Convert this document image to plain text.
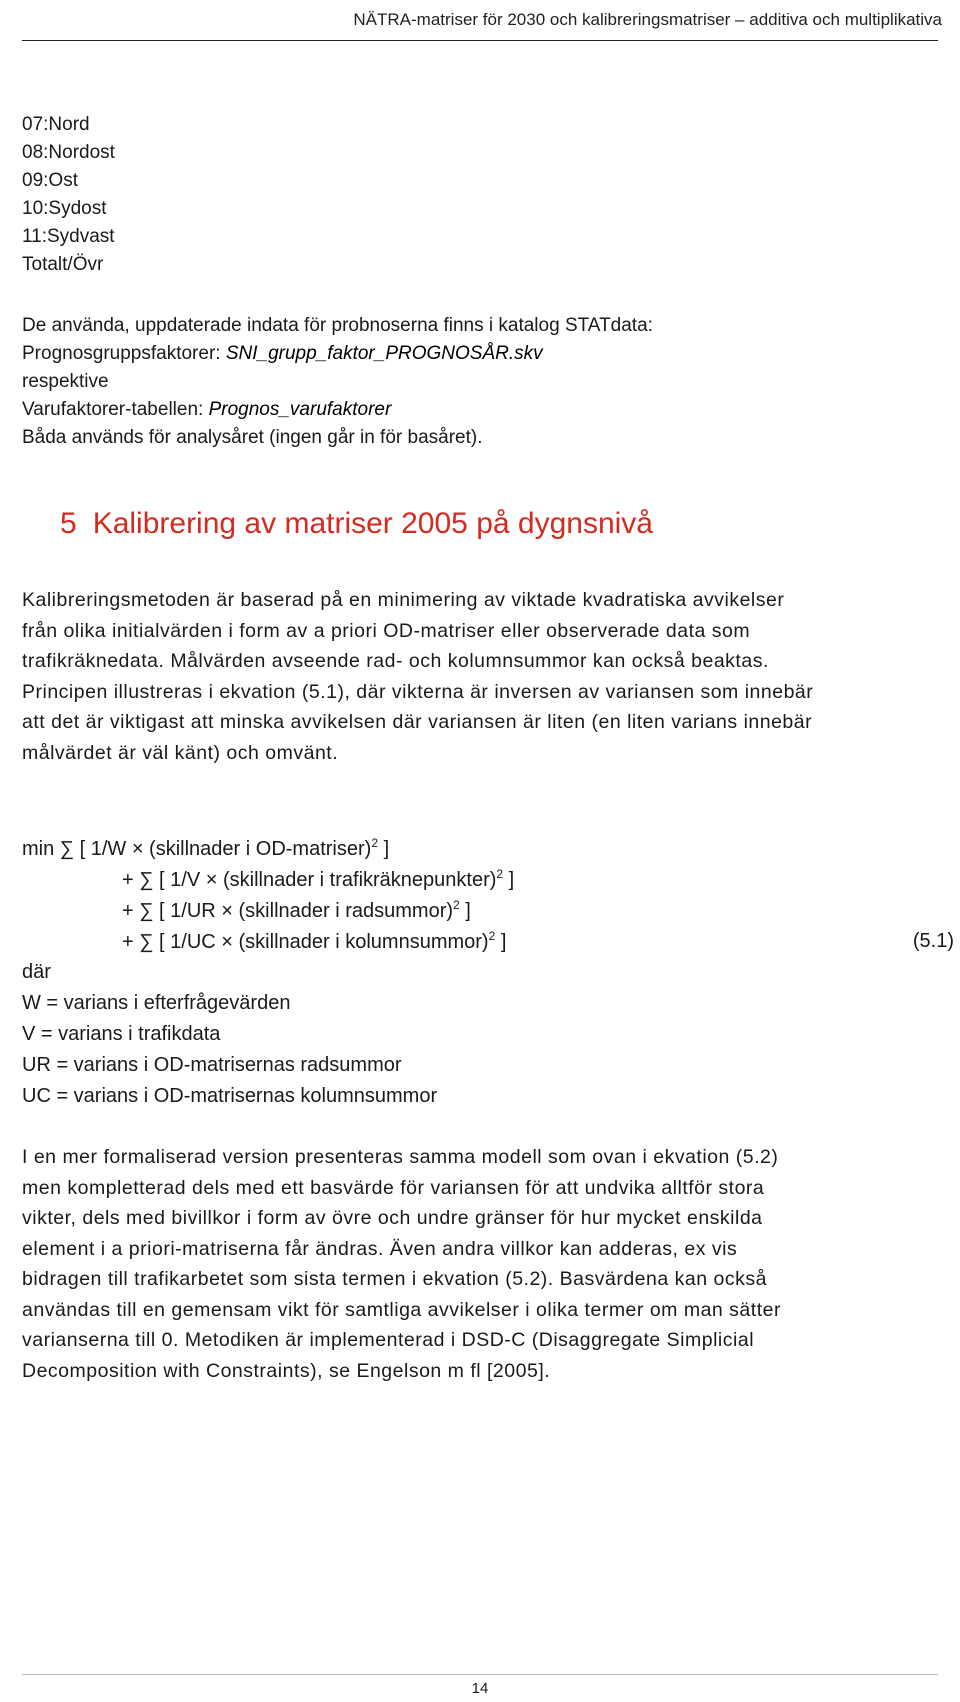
NÄTRA-matriser för 2030 och kalibreringsmatriser – additiva och multiplikativa
07:Nord
08:Nordost
09:Ost
10:Sydost
11:Sydvast
Totalt/Övr
De använda, uppdaterade indata för probnoserna finns i katalog STATdata:
Prognosgruppsfaktorer: SNI_grupp_faktor_PROGNOSÅR.skv
respektive
Varufaktorer-tabellen: Prognos_varufaktorer
Båda används för analysåret (ingen går in för basåret).
5 Kalibrering av matriser 2005 på dygnsnivå
Kalibreringsmetoden är baserad på en minimering av viktade kvadratiska avvikelser
från olika initialvärden i form av a priori OD-matriser eller observerade data som
trafikräknedata. Målvärden avseende rad- och kolumnsummor kan också beaktas.
Principen illustreras i ekvation (5.1), där vikterna är inversen av variansen som innebär
att det är viktigast att minska avvikelsen där variansen är liten (en liten varians innebär
målvärdet är väl känt) och omvänt.
min ∑ [ 1/W × (skillnader i OD-matriser)$^2$ ]
+ ∑ [ 1/V × (skillnader i trafikräknepunkter)$^2$ ]
+ ∑ [ 1/UR × (skillnader i radsummor)$^2$ ]
+ ∑ [ 1/UC × (skillnader i kolumnsummor)$^2$ ]	(5.1)
där
W = varians i efterfrågevärden
V = varians i trafikdata
UR = varians i OD-matrisernas radsummor
UC = varians i OD-matrisernas kolumnsummor
I en mer formaliserad version presenteras samma modell som ovan i ekvation (5.2)
men kompletterad dels med ett basvärde för variansen för att undvika alltför stora
vikter, dels med bivillkor i form av övre och undre gränser för hur mycket enskilda
element i a priori-matriserna får ändras. Även andra villkor kan adderas, ex vis
bidragen till trafikarbetet som sista termen i ekvation (5.2). Basvärdena kan också
användas till en gemensam vikt för samtliga avvikelser i olika termer om man sätter
varianserna till 0. Metodiken är implementerad i DSD-C (Disaggregate Simplicial
Decomposition with Constraints), se Engelson m fl [2005].
14
